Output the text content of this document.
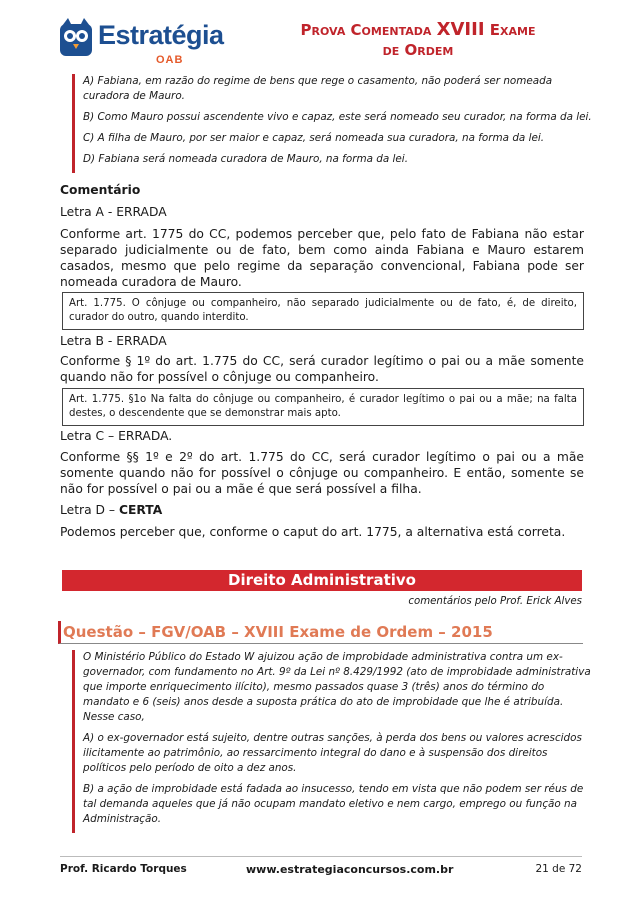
Estratégia
OAB
Prova Comentada XVIII Exame
de Ordem

A) Fabiana, em razão do regime de bens que rege o casamento, não poderá ser nomeada curadora de Mauro.

B) Como Mauro possui ascendente vivo e capaz, este será nomeado seu curador, na forma da lei.

C) A filha de Mauro, por ser maior e capaz, será nomeada sua curadora, na forma da lei.

D) Fabiana será nomeada curadora de Mauro, na forma da lei.

Comentário

Letra A - ERRADA

Conforme art. 1775 do CC, podemos perceber que, pelo fato de Fabiana não estar separado judicialmente ou de fato, bem como ainda Fabiana e Mauro estarem casados, mesmo que pelo regime da separação convencional, Fabiana pode ser nomeada curadora de Mauro.

Art. 1.775. O cônjuge ou companheiro, não separado judicialmente ou de fato, é, de direito, curador do outro, quando interdito.

Letra B - ERRADA

Conforme § 1º do art. 1.775 do CC, será curador legítimo o pai ou a mãe somente quando não for possível o cônjuge ou companheiro.

Art. 1.775. §1o Na falta do cônjuge ou companheiro, é curador legítimo o pai ou a mãe; na falta destes, o descendente que se demonstrar mais apto.

Letra C – ERRADA.

Conforme §§ 1º e 2º do art. 1.775 do CC, será curador legítimo o pai ou a mãe somente quando não for possível o cônjuge ou companheiro. E então, somente se não for possível o pai ou a mãe é que será possível a filha.

Letra D – CERTA

Podemos perceber que, conforme o caput do art. 1775, a alternativa está correta.

Direito Administrativo
comentários pelo Prof. Erick Alves
Questão – FGV/OAB – XVIII Exame de Ordem – 2015

O Ministério Público do Estado W ajuizou ação de improbidade administrativa contra um ex-governador, com fundamento no Art. 9º da Lei nº 8.429/1992 (ato de improbidade administrativa que importe enriquecimento ilícito), mesmo passados quase 3 (três) anos do término do mandato e 6 (seis) anos desde a suposta prática do ato de improbidade que lhe é atribuída. Nesse caso,

A) o ex-governador está sujeito, dentre outras sanções, à perda dos bens ou valores acrescidos ilicitamente ao patrimônio, ao ressarcimento integral do dano e à suspensão dos direitos políticos pelo período de oito a dez anos.

B) a ação de improbidade está fadada ao insucesso, tendo em vista que não podem ser réus de tal demanda aqueles que já não ocupam mandato eletivo e nem cargo, emprego ou função na Administração.

Prof. Ricardo Torques	www.estrategiaconcursos.com.br	21 de 72
